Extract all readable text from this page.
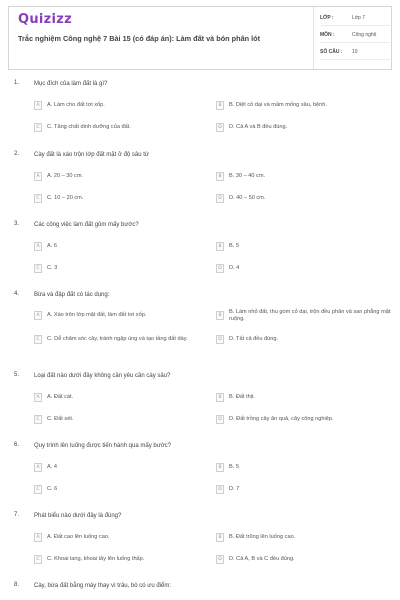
Quizizz
Trắc nghiệm Công nghệ 7 Bài 15 (có đáp án): Làm đất và bón phân lót
LỚP :	Lớp 7
MÔN :	Công nghệ
SỐ CÂU : 10
1. Mục đích của làm đất là gì?
A	A. Làm cho đất tơi xốp.	B	B. Diệt cỏ dại và mầm mống sâu, bệnh.
C	C. Tăng chất dinh dưỡng của đất.	D	D. Cả A và B đều đúng.
2. Cày đất là xáo trộn lớp đất mặt ở độ sâu từ
A	A. 20 – 30 cm.	B	B. 30 – 40 cm.
C	C. 10 – 20 cm.	D	D. 40 – 50 cm.
3. Các công việc làm đất gồm mấy bước?
A	A. 6	B	B. 5
C	C. 3	D	D. 4
4. Bừa và đập đất có tác dụng:
A	A. Xáo trộn lớp mặt đất, làm đất tơi xốp.	B
B. Làm nhỏ đất, thu gom cỏ dại, trộn đều phân và san phẳng mặt ruộng.
C	C. Dễ chăm sóc cây, tránh ngập úng và tạo tầng đất dày.	D	D. Tất cả đều đúng.
5. Loại đất nào dưới đây không cần yêu cần cày sâu?
A	A. Đất cát.	B	B. Đất thịt.
C	C. Đất sét.	D	D. Đất trồng cây ăn quả, cây công nghiệp.
6. Quy trình lên luống được tiến hành qua mấy bước?
A	A. 4	B	B. 5
C	C. 6	D	D. 7
7. Phát biểu nào dưới đây là đúng?
A	A. Đất cao lên luống cao.	B	B. Đất trũng lên luống cao.
C	C. Khoai lang, khoai tây lên luống thấp.	D	D. Cả A, B và C đều đúng.
8. Cày, bừa đất bằng máy thay vì trâu, bò có ưu điểm:
